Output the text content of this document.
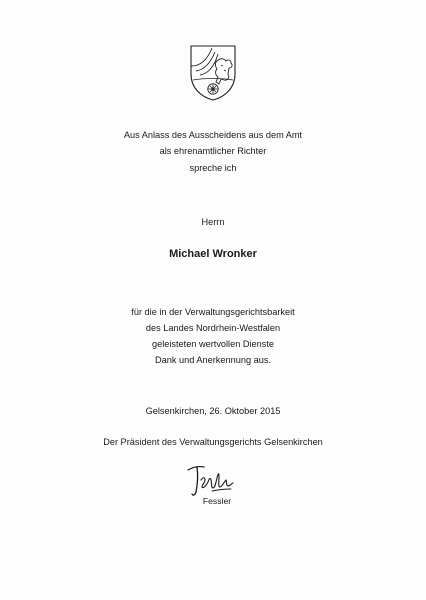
Aus Anlass des Ausscheidens aus dem Amt
als ehrenamtlicher Richter
spreche ich
Herrn
Michael Wronker
für die in der Verwaltungsgerichtsbarkeit
des Landes Nordrhein-Westfalen
geleisteten wertvollen Dienste
Dank und Anerkennung aus.
Gelsenkirchen, 26. Oktober 2015
Der Präsident des Verwaltungsgerichts Gelsenkirchen
Fessler
